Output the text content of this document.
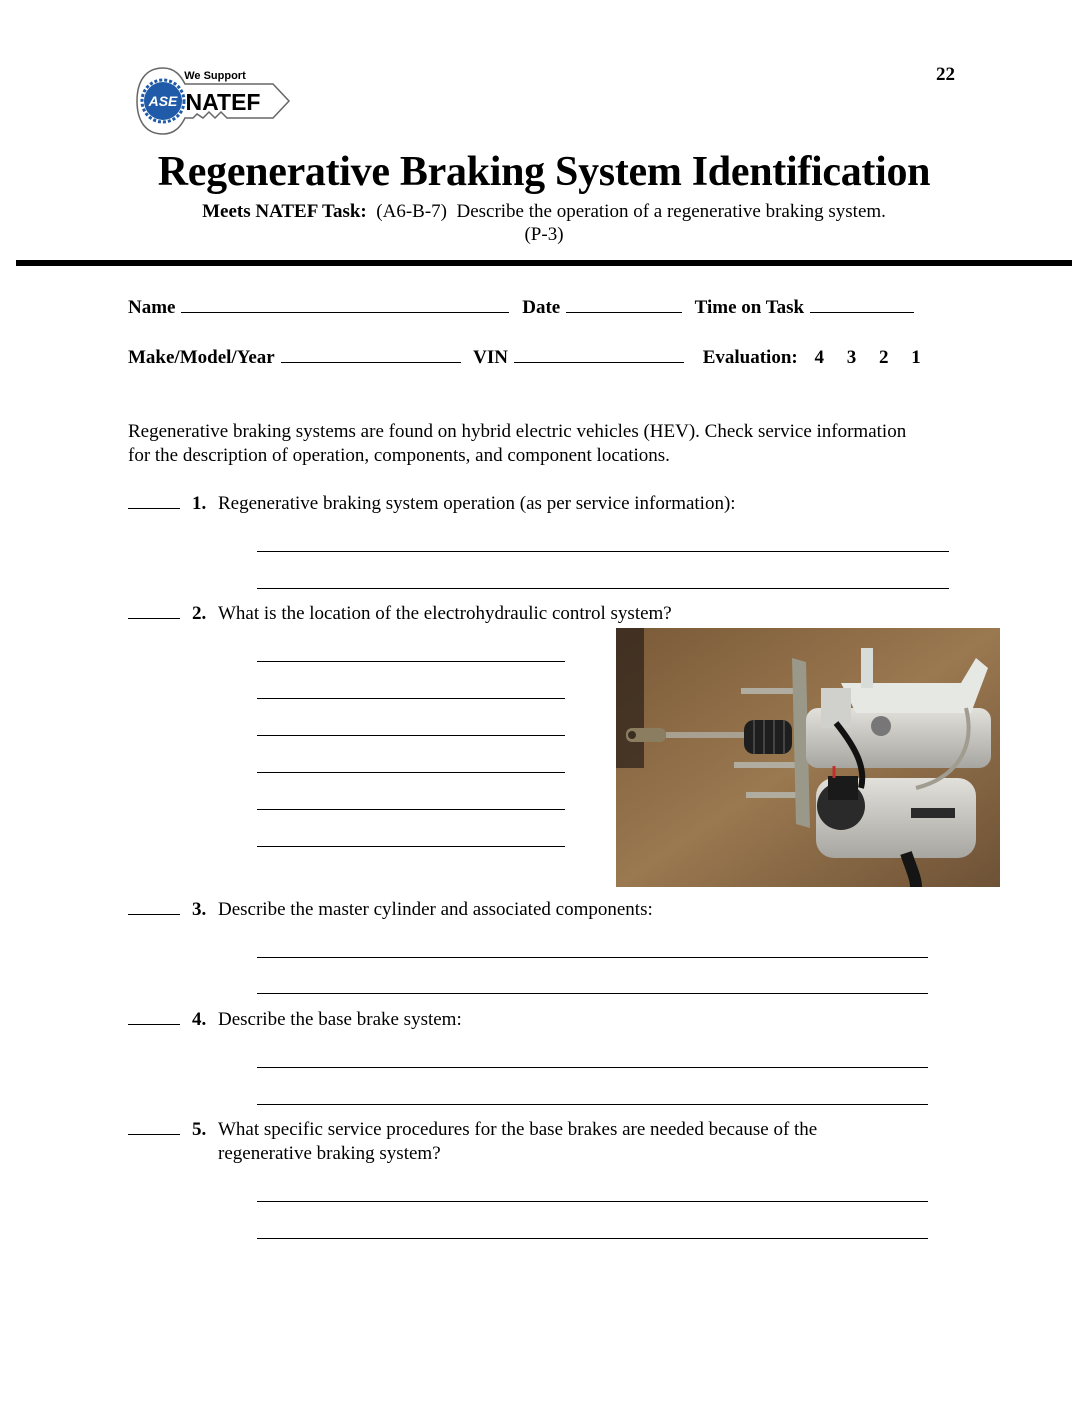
22
ASE
We Support
NATEF
Regenerative Braking System Identification
Meets NATEF Task: (A6-B-7) Describe the operation of a regenerative braking system.
(P-3)
Name	Date	Time on Task
Make/Model/Year	VIN	Evaluation: 4 3 2 1
Regenerative braking systems are found on hybrid electric vehicles (HEV). Check service information for the description of operation, components, and component locations.
1. Regenerative braking system operation (as per service information):
2. What is the location of the electrohydraulic control system?
3. Describe the master cylinder and associated components:
4. Describe the base brake system:
5. What specific service procedures for the base brakes are needed because of the regenerative braking system?
